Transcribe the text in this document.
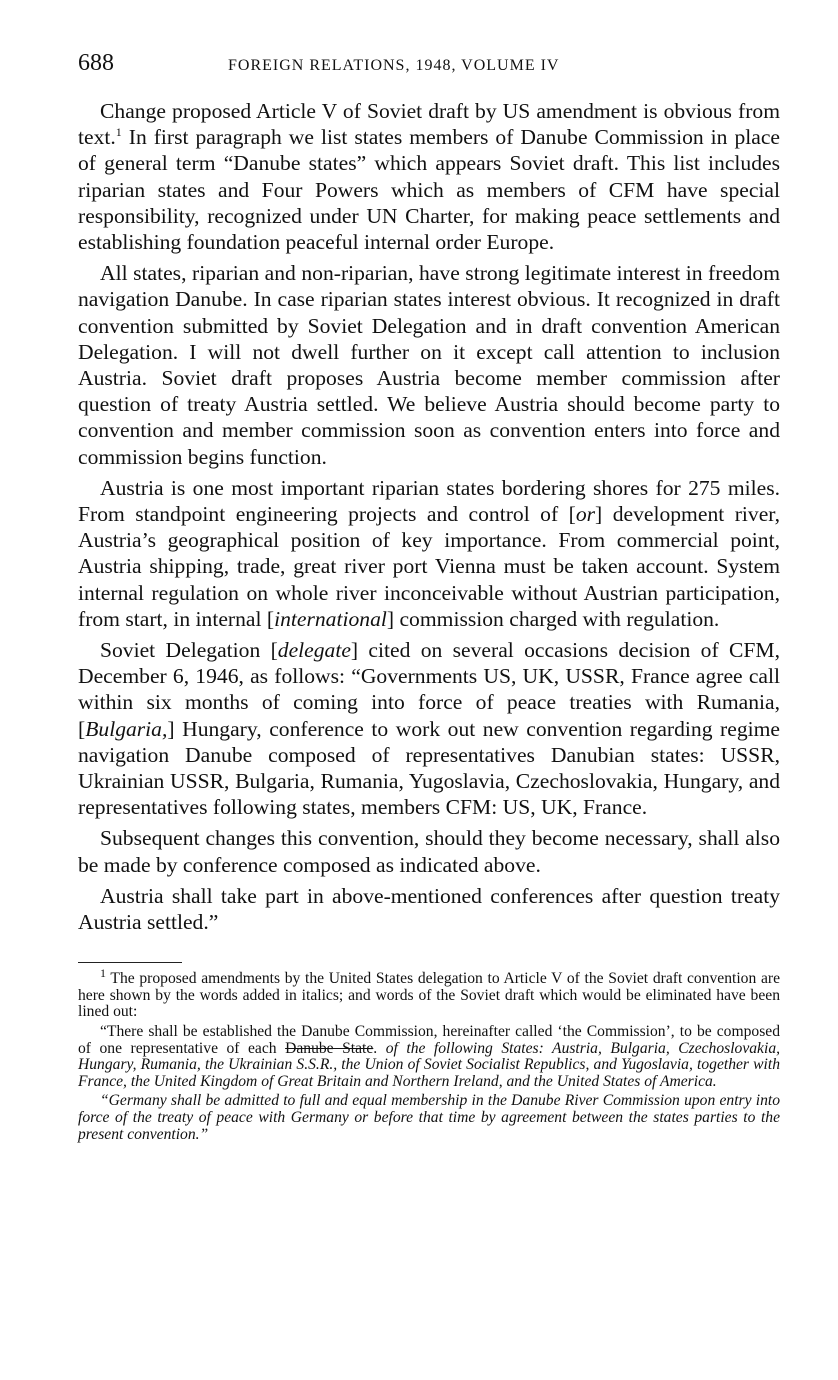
688	FOREIGN RELATIONS, 1948, VOLUME IV

Change proposed Article V of Soviet draft by US amendment is obvious from text.$^1$ In first paragraph we list states members of Danube Commission in place of general term “Danube states” which appears Soviet draft. This list includes riparian states and Four Powers which as members of CFM have special responsibility, recognized under UN Charter, for making peace settlements and establishing foundation peaceful internal order Europe.

All states, riparian and non-riparian, have strong legitimate interest in freedom navigation Danube. In case riparian states interest obvious. It recognized in draft convention submitted by Soviet Delegation and in draft convention American Delegation. I will not dwell further on it except call attention to inclusion Austria. Soviet draft proposes Austria become member commission after question of treaty Austria settled. We believe Austria should become party to convention and member commission soon as convention enters into force and commission begins function.

Austria is one most important riparian states bordering shores for 275 miles. From standpoint engineering projects and control of [or] development river, Austria’s geographical position of key importance. From commercial point, Austria shipping, trade, great river port Vienna must be taken account. System internal regulation on whole river inconceivable without Austrian participation, from start, in internal [international] commission charged with regulation.

Soviet Delegation [delegate] cited on several occasions decision of CFM, December 6, 1946, as follows: “Governments US, UK, USSR, France agree call within six months of coming into force of peace treaties with Rumania, [Bulgaria,] Hungary, conference to work out new convention regarding regime navigation Danube composed of representatives Danubian states: USSR, Ukrainian USSR, Bulgaria, Rumania, Yugoslavia, Czechoslovakia, Hungary, and representatives following states, members CFM: US, UK, France.

Subsequent changes this convention, should they become necessary, shall also be made by conference composed as indicated above.

Austria shall take part in above-mentioned conferences after question treaty Austria settled.”

$^1$ The proposed amendments by the United States delegation to Article V of the Soviet draft convention are here shown by the words added in italics; and words of the Soviet draft which would be eliminated have been lined out:

“There shall be established the Danube Commission, hereinafter called ‘the Commission’, to be composed of one representative of each Danube State. of the following States: Austria, Bulgaria, Czechoslovakia, Hungary, Rumania, the Ukrainian S.S.R., the Union of Soviet Socialist Republics, and Yugoslavia, together with France, the United Kingdom of Great Britain and Northern Ireland, and the United States of America.

“Germany shall be admitted to full and equal membership in the Danube River Commission upon entry into force of the treaty of peace with Germany or before that time by agreement between the states parties to the present convention.”
